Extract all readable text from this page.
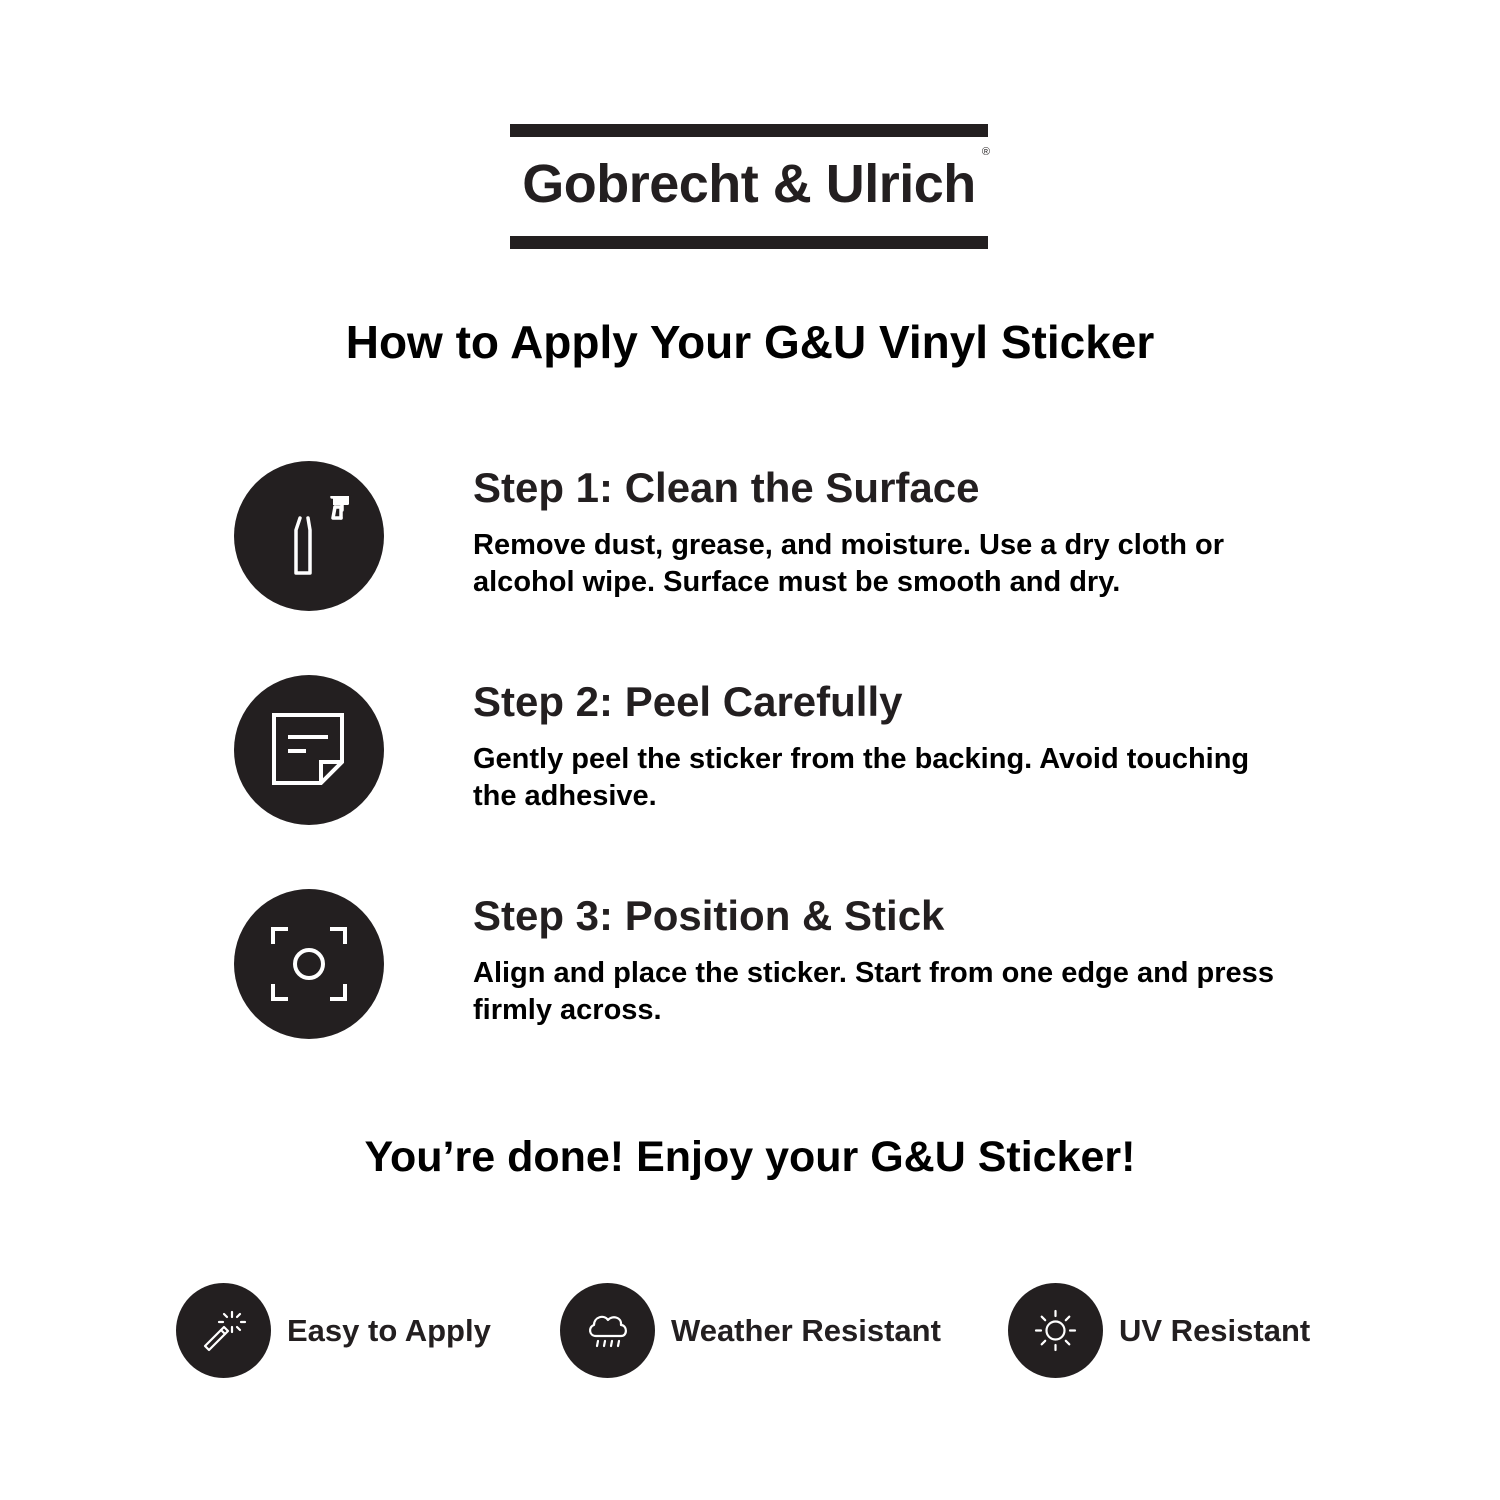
Gobrecht & Ulrich
®
How to Apply Your G&U Vinyl Sticker
Step 1: Clean the Surface
Remove dust, grease, and moisture. Use a dry cloth or alcohol wipe. Surface must be smooth and dry.
Step 2: Peel Carefully
Gently peel the sticker from the backing. Avoid touching the adhesive.
Step 3: Position & Stick
Align and place the sticker. Start from one edge and press firmly across.
You’re done! Enjoy your G&U Sticker!
Easy to Apply	Weather Resistant	UV Resistant
